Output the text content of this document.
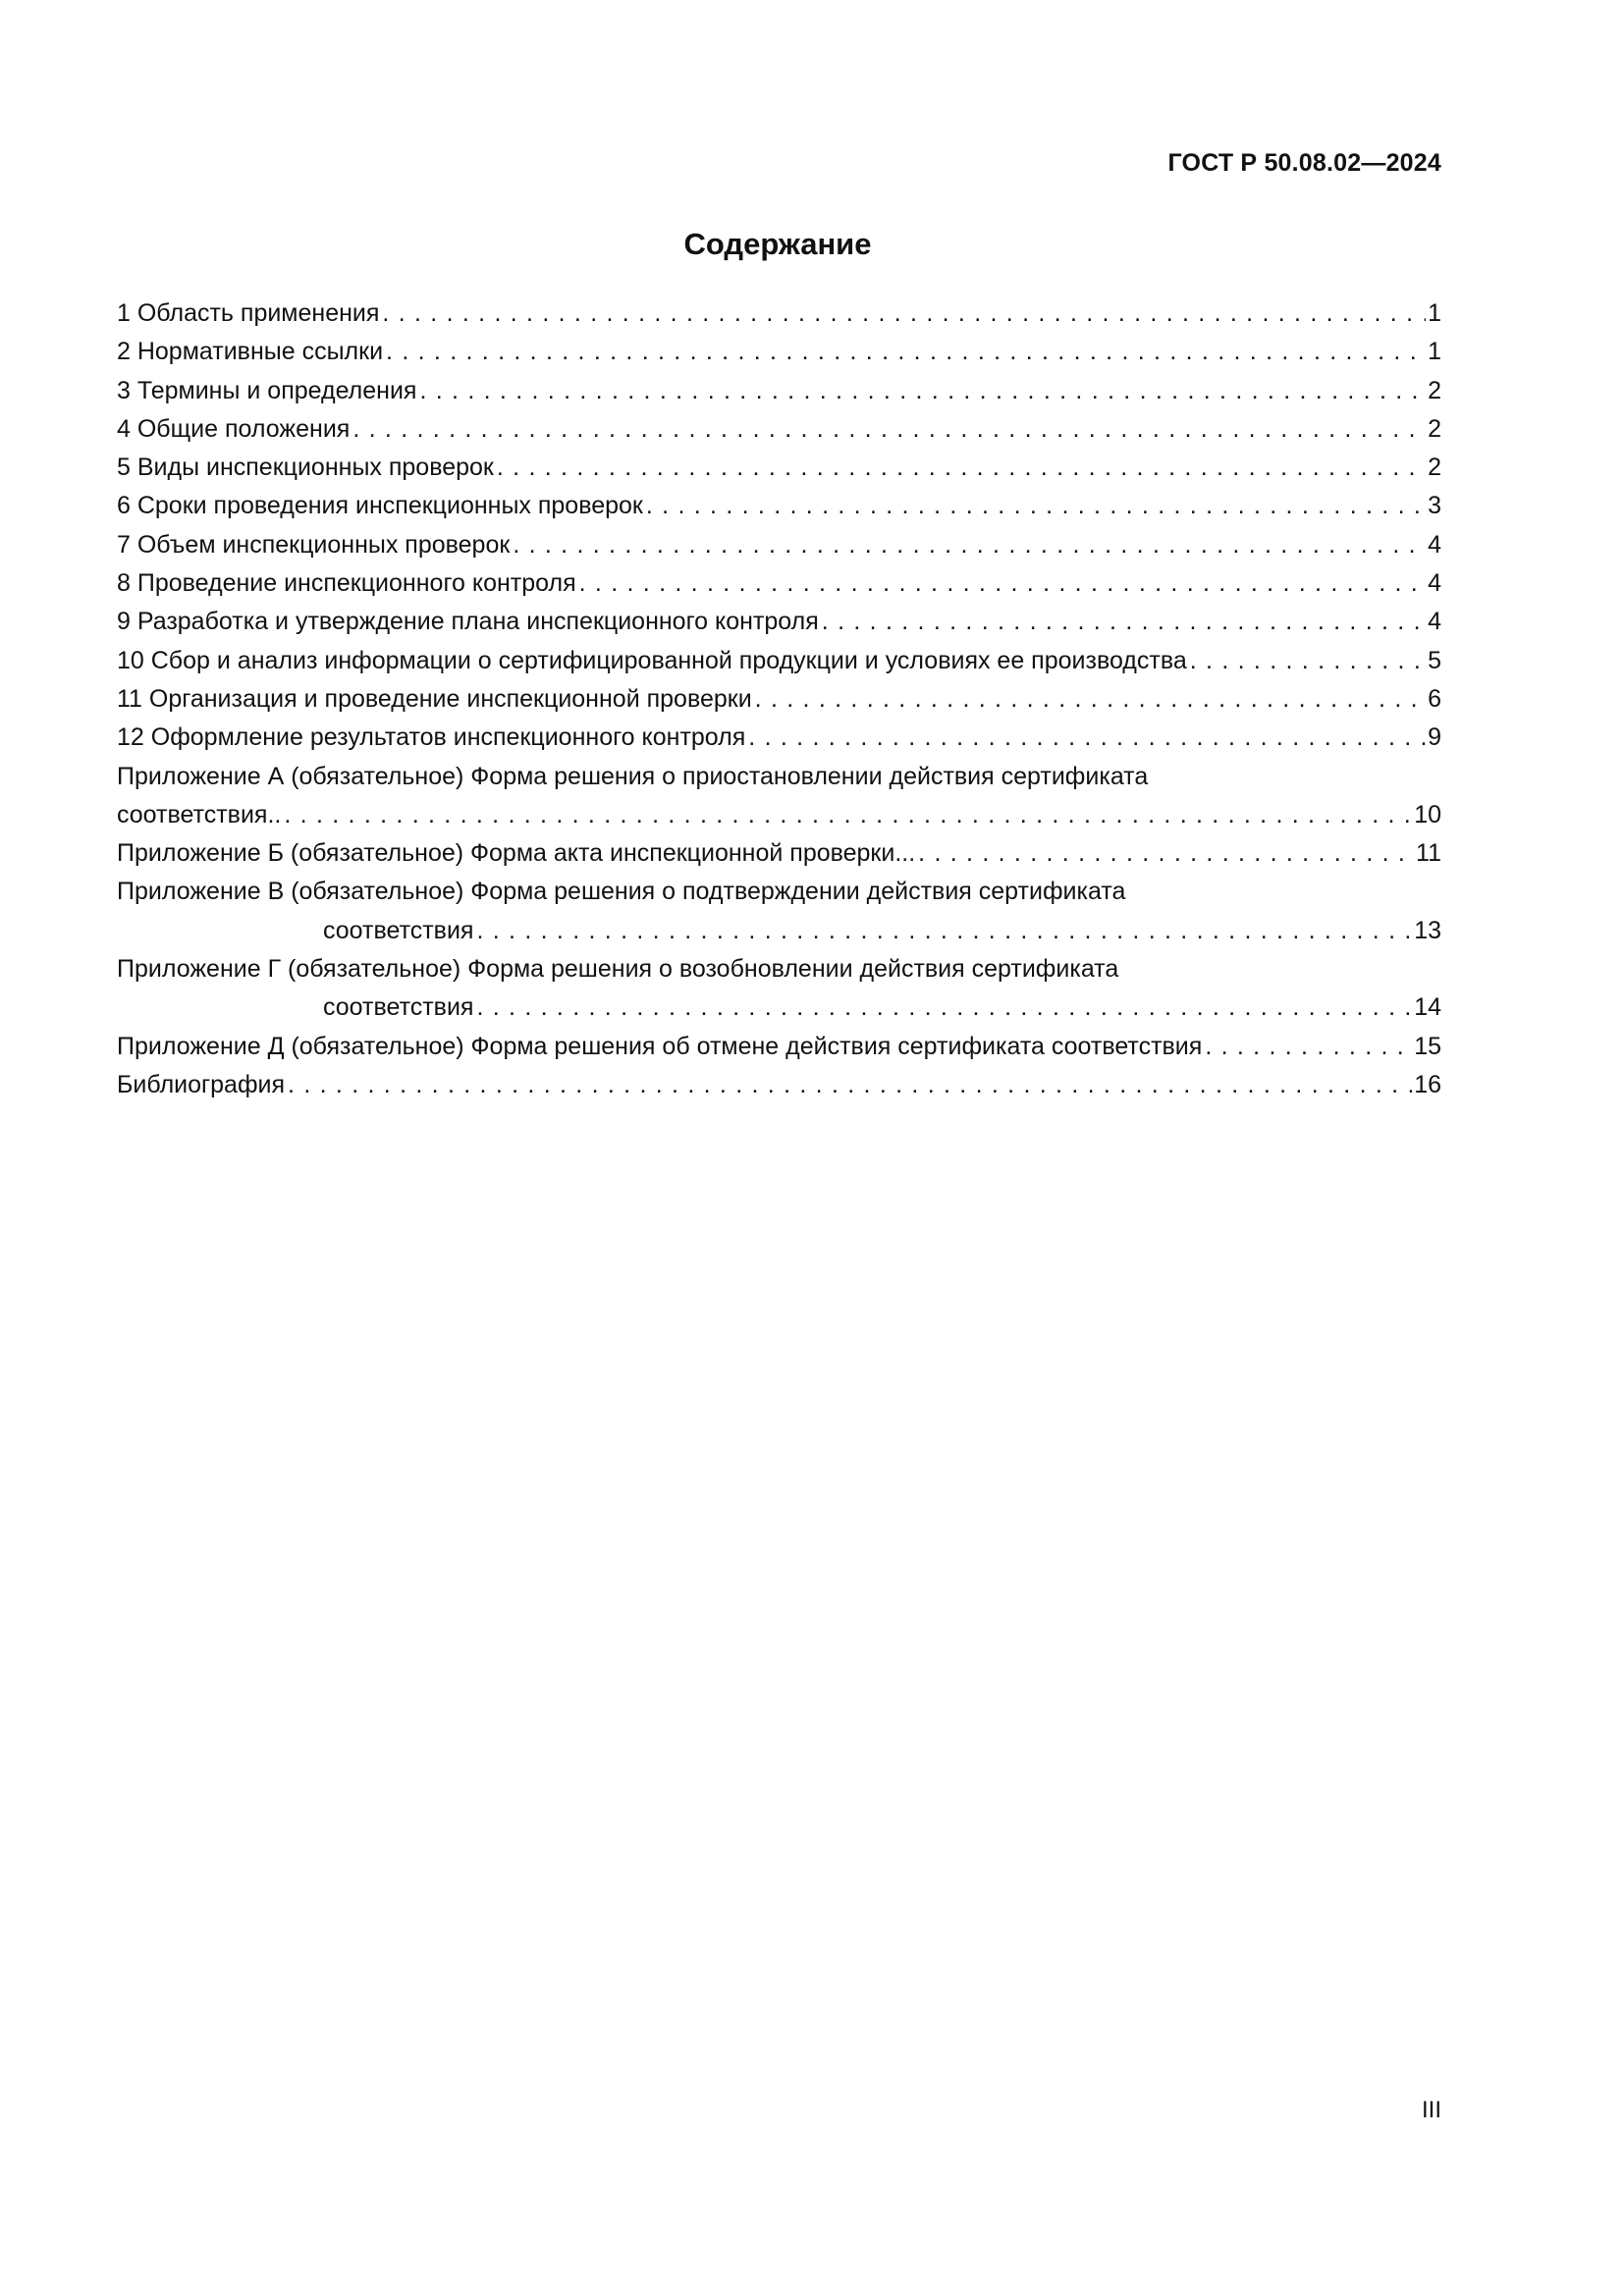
ГОСТ Р 50.08.02—2024
Содержание
1 Область применения . . .	1
2 Нормативные ссылки . . .	1
3 Термины и определения . . .	2
4 Общие положения . . .	2
5 Виды инспекционных проверок . . .	2
6 Сроки проведения инспекционных проверок . . .	3
7 Объем инспекционных проверок . . .	4
8 Проведение инспекционного контроля . . .	4
9 Разработка и утверждение плана инспекционного контроля . . .	4
10 Сбор и анализ информации о сертифицированной продукции и условиях ее производства . . .	5
11 Организация и проведение инспекционной проверки . . .	6
12 Оформление результатов инспекционного контроля . . .	9
Приложение А (обязательное) Форма решения о приостановлении действия сертификата
соответствия.. . . .	10
Приложение Б (обязательное) Форма акта инспекционной проверки... . . .	11
Приложение В (обязательное) Форма решения о подтверждении действия сертификата
соответствия . . .	13
Приложение Г (обязательное) Форма решения о возобновлении действия сертификата
соответствия . . .	14
Приложение Д (обязательное) Форма решения об отмене действия сертификата соответствия . . .	15
Библиография . . .	16
III
